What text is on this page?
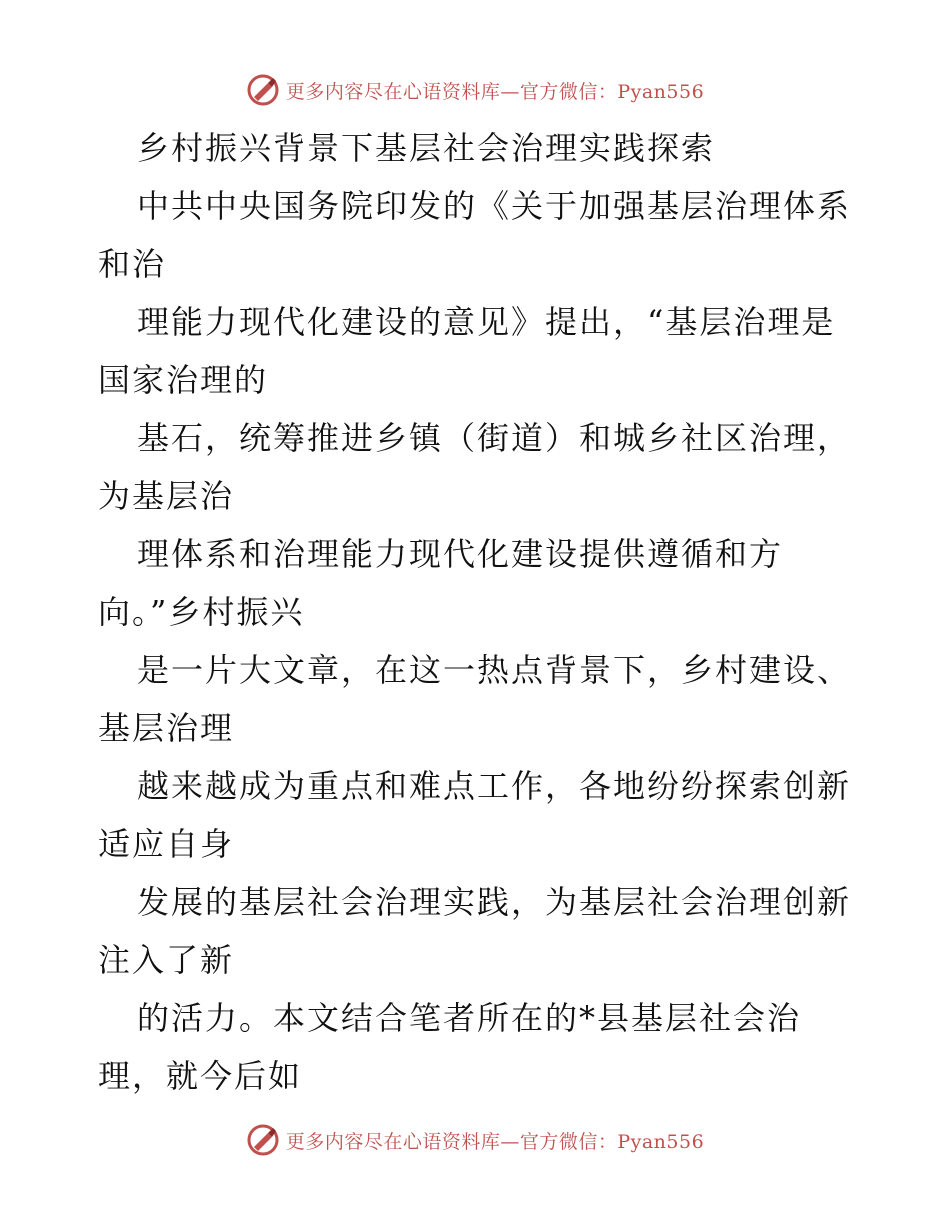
更多内容尽在心语资料库—官方微信：Pyan556
乡村振兴背景下基层社会治理实践探索
中共中央国务院印发的《关于加强基层治理体系
和治
理能力现代化建设的意见》提出，“基层治理是
国家治理的
基石，统筹推进乡镇（街道）和城乡社区治理，
为基层治
理体系和治理能力现代化建设提供遵循和方
向。”乡村振兴
是一片大文章，在这一热点背景下，乡村建设、
基层治理
越来越成为重点和难点工作，各地纷纷探索创新
适应自身
发展的基层社会治理实践，为基层社会治理创新
注入了新
的活力。本文结合笔者所在的*县基层社会治
理，就今后如
更多内容尽在心语资料库—官方微信：Pyan556
